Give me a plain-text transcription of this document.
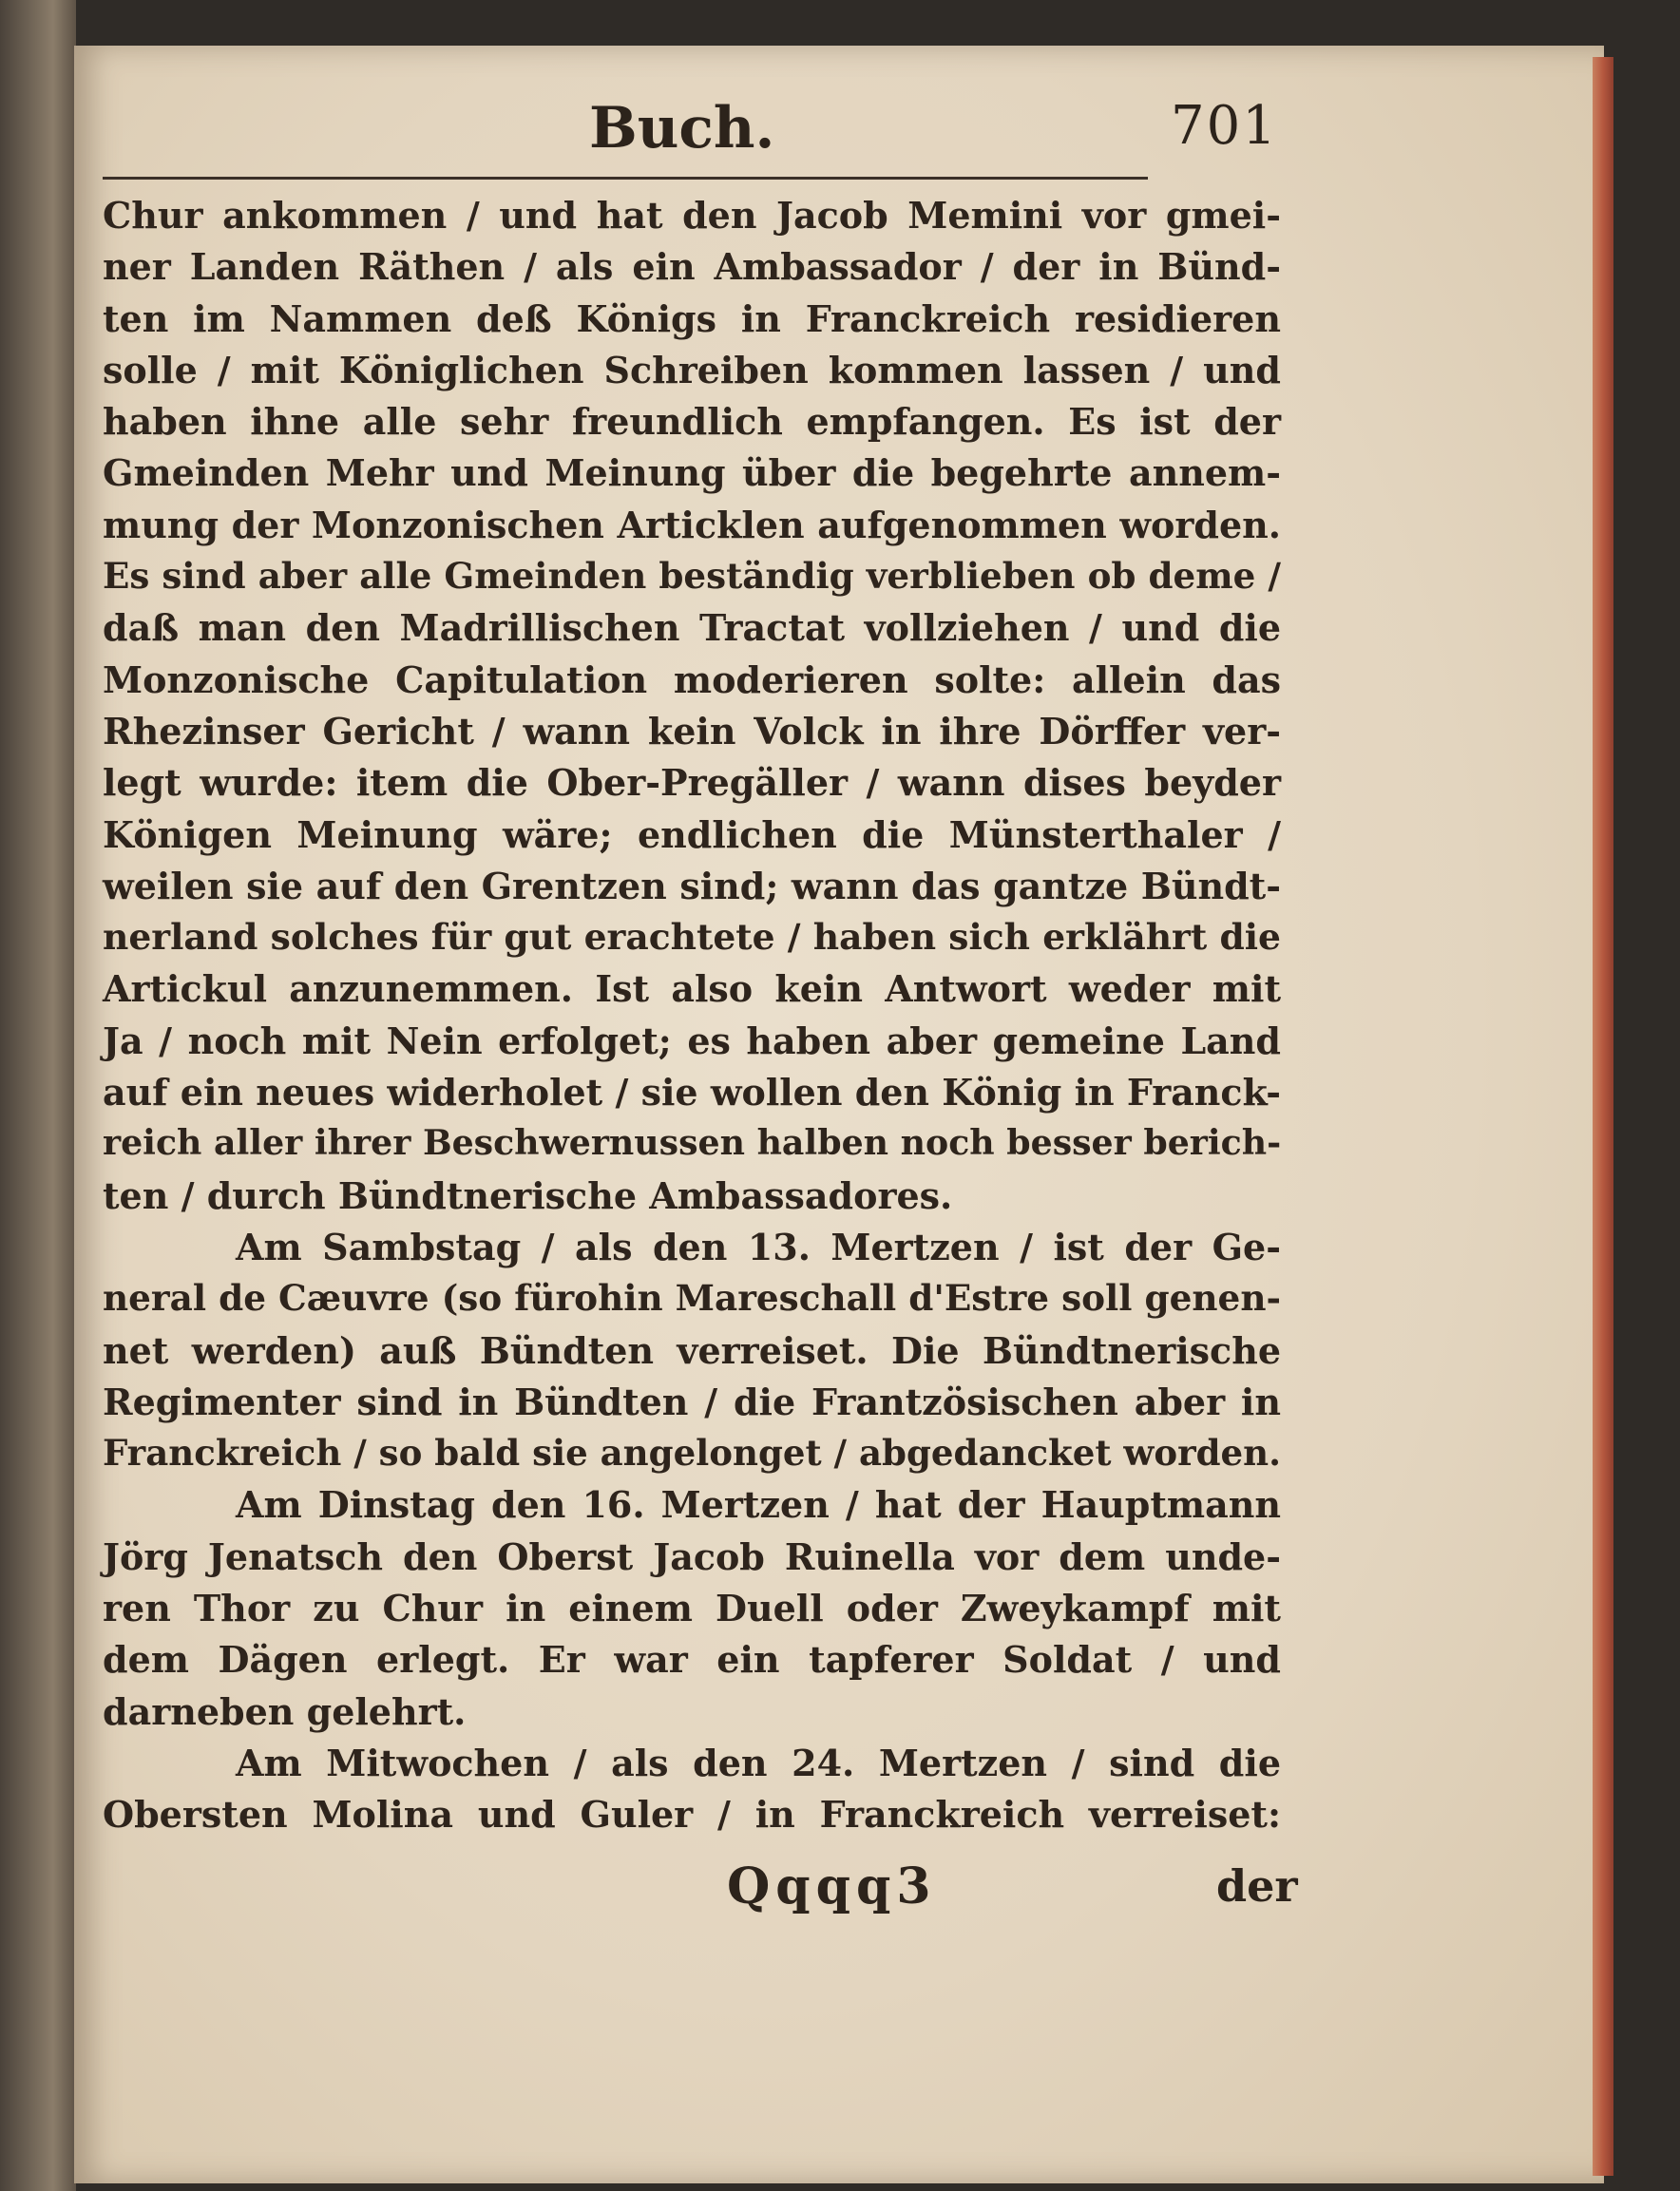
Buch.	701
Chur ankommen / und hat den Jacob Memini vor gmei-
ner Landen Räthen / als ein Ambassador / der in Bünd-
ten im Nammen deß Königs in Franckreich residieren
solle / mit Königlichen Schreiben kommen lassen / und
haben ihne alle sehr freundlich empfangen. Es ist der
Gmeinden Mehr und Meinung über die begehrte annem-
mung der Monzonischen Articklen aufgenommen worden.
Es sind aber alle Gmeinden beständig verblieben ob deme /
daß man den Madrillischen Tractat vollziehen / und die
Monzonische Capitulation moderieren solte: allein das
Rhezinser Gericht / wann kein Volck in ihre Dörffer ver-
legt wurde: item die Ober-Pregäller / wann dises beyder
Königen Meinung wäre; endlichen die Münsterthaler /
weilen sie auf den Grentzen sind; wann das gantze Bündt-
nerland solches für gut erachtete / haben sich erklährt die
Artickul anzunemmen. Ist also kein Antwort weder mit
Ja / noch mit Nein erfolget; es haben aber gemeine Land
auf ein neues widerholet / sie wollen den König in Franck-
reich aller ihrer Beschwernussen halben noch besser berich-
ten / durch Bündtnerische Ambassadores.
Am Sambstag / als den 13. Mertzen / ist der Ge-
neral de Cæuvre (so fürohin Mareschall d'Estre soll genen-
net werden) auß Bündten verreiset. Die Bündtnerische
Regimenter sind in Bündten / die Frantzösischen aber in
Franckreich / so bald sie angelonget / abgedancket worden.
Am Dinstag den 16. Mertzen / hat der Hauptmann
Jörg Jenatsch den Oberst Jacob Ruinella vor dem unde-
ren Thor zu Chur in einem Duell oder Zweykampf mit
dem Dägen erlegt. Er war ein tapferer Soldat / und
darneben gelehrt.
Am Mitwochen / als den 24. Mertzen / sind die
Obersten Molina und Guler / in Franckreich verreiset:
Qqqq3	der
